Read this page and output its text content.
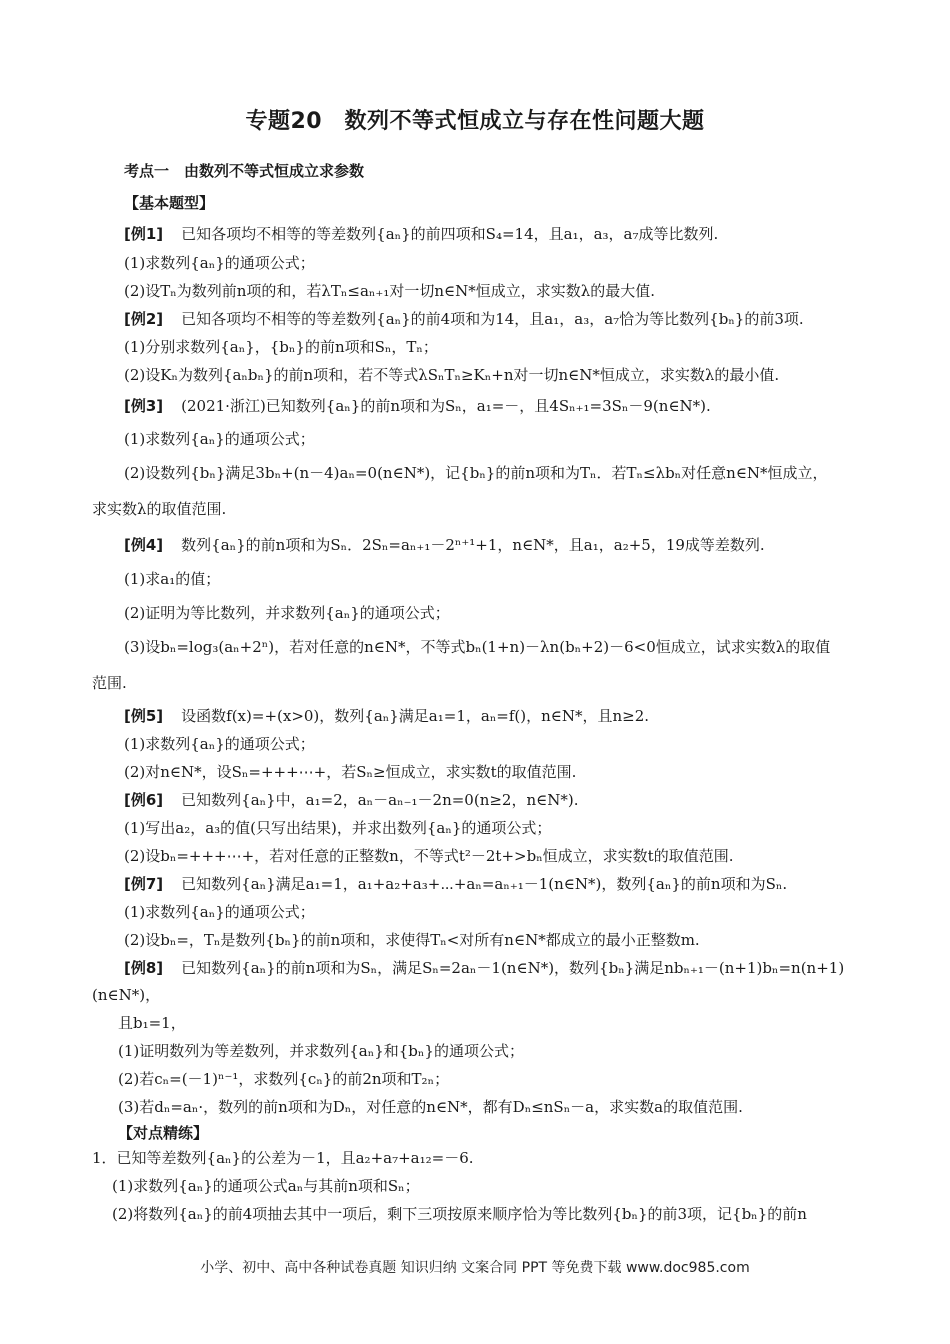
专题20　数列不等式恒成立与存在性问题大题
考点一　由数列不等式恒成立求参数
【基本题型】
[例1] 已知各项均不相等的等差数列{aₙ}的前四项和S₄=14，且a₁，a₃，a₇成等比数列.
(1)求数列{aₙ}的通项公式；
(2)设Tₙ为数列前n项的和，若λTₙ≤aₙ₊₁对一切n∈N*恒成立，求实数λ的最大值.
[例2] 已知各项均不相等的等差数列{aₙ}的前4项和为14，且a₁，a₃，a₇恰为等比数列{bₙ}的前3项.
(1)分别求数列{aₙ}，{bₙ}的前n项和Sₙ，Tₙ；
(2)设Kₙ为数列{aₙbₙ}的前n项和，若不等式λSₙTₙ≥Kₙ+n对一切n∈N*恒成立，求实数λ的最小值.
[例3] (2021·浙江)已知数列{aₙ}的前n项和为Sₙ，a₁=－，且4Sₙ₊₁=3Sₙ－9(n∈N*).
(1)求数列{aₙ}的通项公式；
(2)设数列{bₙ}满足3bₙ+(n－4)aₙ=0(n∈N*)，记{bₙ}的前n项和为Tₙ．若Tₙ≤λbₙ对任意n∈N*恒成立，
求实数λ的取值范围.
[例4] 数列{aₙ}的前n项和为Sₙ．2Sₙ=aₙ₊₁－2ⁿ⁺¹+1，n∈N*，且a₁，a₂+5，19成等差数列.
(1)求a₁的值；
(2)证明为等比数列，并求数列{aₙ}的通项公式；
(3)设bₙ=log₃(aₙ+2ⁿ)，若对任意的n∈N*，不等式bₙ(1+n)－λn(bₙ+2)－6<0恒成立，试求实数λ的取值
范围.
[例5] 设函数f(x)=+(x>0)，数列{aₙ}满足a₁=1，aₙ=f()，n∈N*，且n≥2.
(1)求数列{aₙ}的通项公式；
(2)对n∈N*，设Sₙ=+++⋯+，若Sₙ≥恒成立，求实数t的取值范围.
[例6] 已知数列{aₙ}中，a₁=2，aₙ－aₙ₋₁－2n=0(n≥2，n∈N*).
(1)写出a₂，a₃的值(只写出结果)，并求出数列{aₙ}的通项公式；
(2)设bₙ=+++⋯+，若对任意的正整数n，不等式t²－2t+>bₙ恒成立，求实数t的取值范围.
[例7] 已知数列{aₙ}满足a₁=1，a₁+a₂+a₃+⋯+aₙ=aₙ₊₁－1(n∈N*)，数列{aₙ}的前n项和为Sₙ.
(1)求数列{aₙ}的通项公式；
(2)设bₙ=，Tₙ是数列{bₙ}的前n项和，求使得Tₙ<对所有n∈N*都成立的最小正整数m.
[例8] 已知数列{aₙ}的前n项和为Sₙ，满足Sₙ=2aₙ－1(n∈N*)，数列{bₙ}满足nbₙ₊₁－(n+1)bₙ=n(n+1)
(n∈N*)，
且b₁=1，
(1)证明数列为等差数列，并求数列{aₙ}和{bₙ}的通项公式；
(2)若cₙ=(－1)ⁿ⁻¹，求数列{cₙ}的前2n项和T₂ₙ；
(3)若dₙ=aₙ·，数列的前n项和为Dₙ，对任意的n∈N*，都有Dₙ≤nSₙ－a，求实数a的取值范围.
【对点精练】
1．已知等差数列{aₙ}的公差为－1，且a₂+a₇+a₁₂=－6.
(1)求数列{aₙ}的通项公式aₙ与其前n项和Sₙ；
(2)将数列{aₙ}的前4项抽去其中一项后，剩下三项按原来顺序恰为等比数列{bₙ}的前3项，记{bₙ}的前n
小学、初中、高中各种试卷真题 知识归纳 文案合同 PPT 等免费下载 www.doc985.com
